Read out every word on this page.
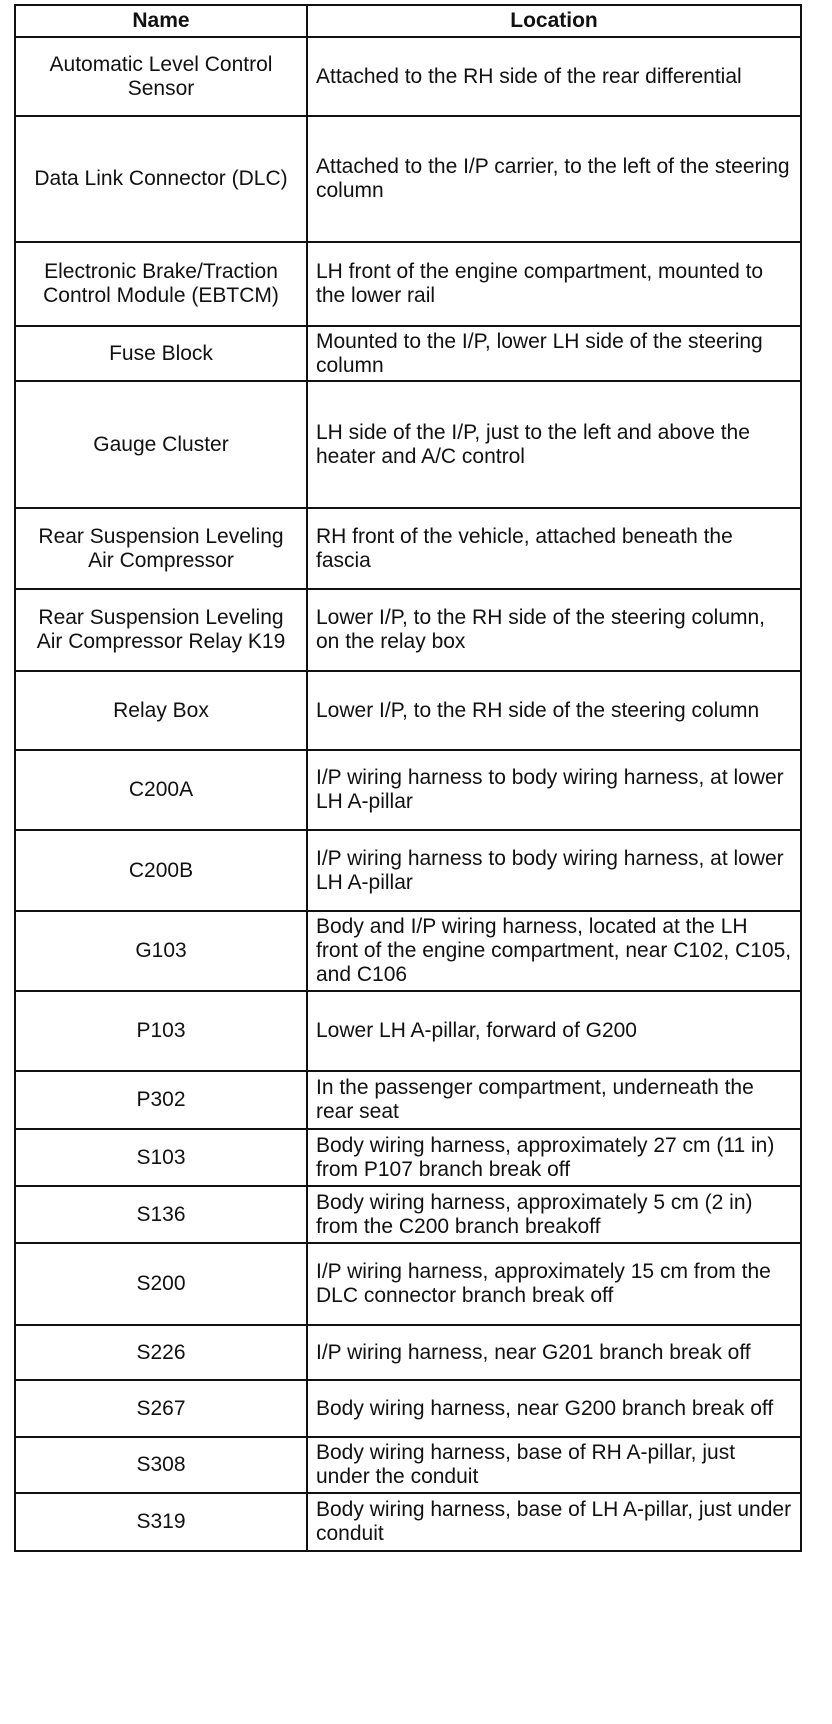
Name	Location
Automatic Level Control Sensor	Attached to the RH side of the rear differential
Data Link Connector (DLC)	Attached to the I/P carrier, to the left of the steering column
Electronic Brake/Traction Control Module (EBTCM)	LH front of the engine compartment, mounted to the lower rail
Fuse Block	Mounted to the I/P, lower LH side of the steering column
Gauge Cluster	LH side of the I/P, just to the left and above the heater and A/C control
Rear Suspension Leveling Air Compressor	RH front of the vehicle, attached beneath the fascia
Rear Suspension Leveling Air Compressor Relay K19	Lower I/P, to the RH side of the steering column, on the relay box
Relay Box	Lower I/P, to the RH side of the steering column
C200A	I/P wiring harness to body wiring harness, at lower LH A-pillar
C200B	I/P wiring harness to body wiring harness, at lower LH A-pillar
G103	Body and I/P wiring harness, located at the LH front of the engine compartment, near C102, C105, and C106
P103	Lower LH A-pillar, forward of G200
P302	In the passenger compartment, underneath the rear seat
S103	Body wiring harness, approximately 27 cm (11 in) from P107 branch break off
S136	Body wiring harness, approximately 5 cm (2 in) from the C200 branch breakoff
S200	I/P wiring harness, approximately 15 cm from the DLC connector branch break off
S226	I/P wiring harness, near G201 branch break off
S267	Body wiring harness, near G200 branch break off
S308	Body wiring harness, base of RH A-pillar, just under the conduit
S319	Body wiring harness, base of LH A-pillar, just under conduit
